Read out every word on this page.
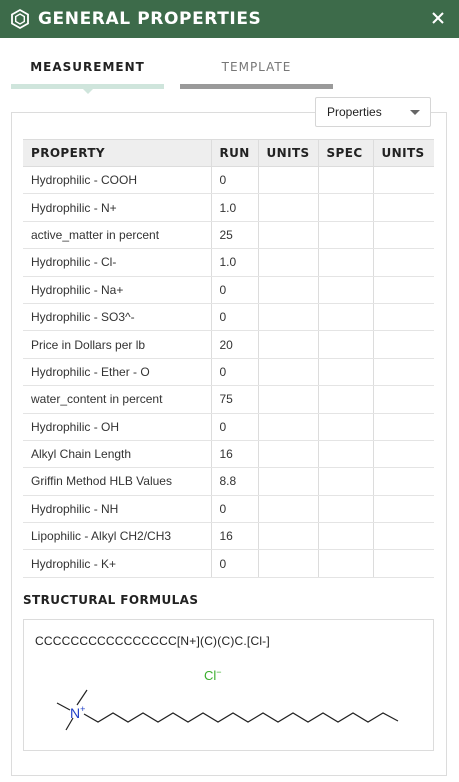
GENERAL PROPERTIES
MEASUREMENT	TEMPLATE
Properties
PROPERTY	RUN	UNITS	SPEC	UNITS
Hydrophilic - COOH	0			
Hydrophilic - N+	1.0			
active_matter in percent	25			
Hydrophilic - Cl-	1.0			
Hydrophilic - Na+	0			
Hydrophilic - SO3^-	0			
Price in Dollars per lb	20			
Hydrophilic - Ether - O	0			
water_content in percent	75			
Hydrophilic - OH	0			
Alkyl Chain Length	16			
Griffin Method HLB Values	8.8			
Hydrophilic - NH	0			
Lipophilic - Alkyl CH2/CH3	16			
Hydrophilic - K+	0			
STRUCTURAL FORMULAS
CCCCCCCCCCCCCCCC[N+](C)(C)C.[Cl-]
Cl−
N+
